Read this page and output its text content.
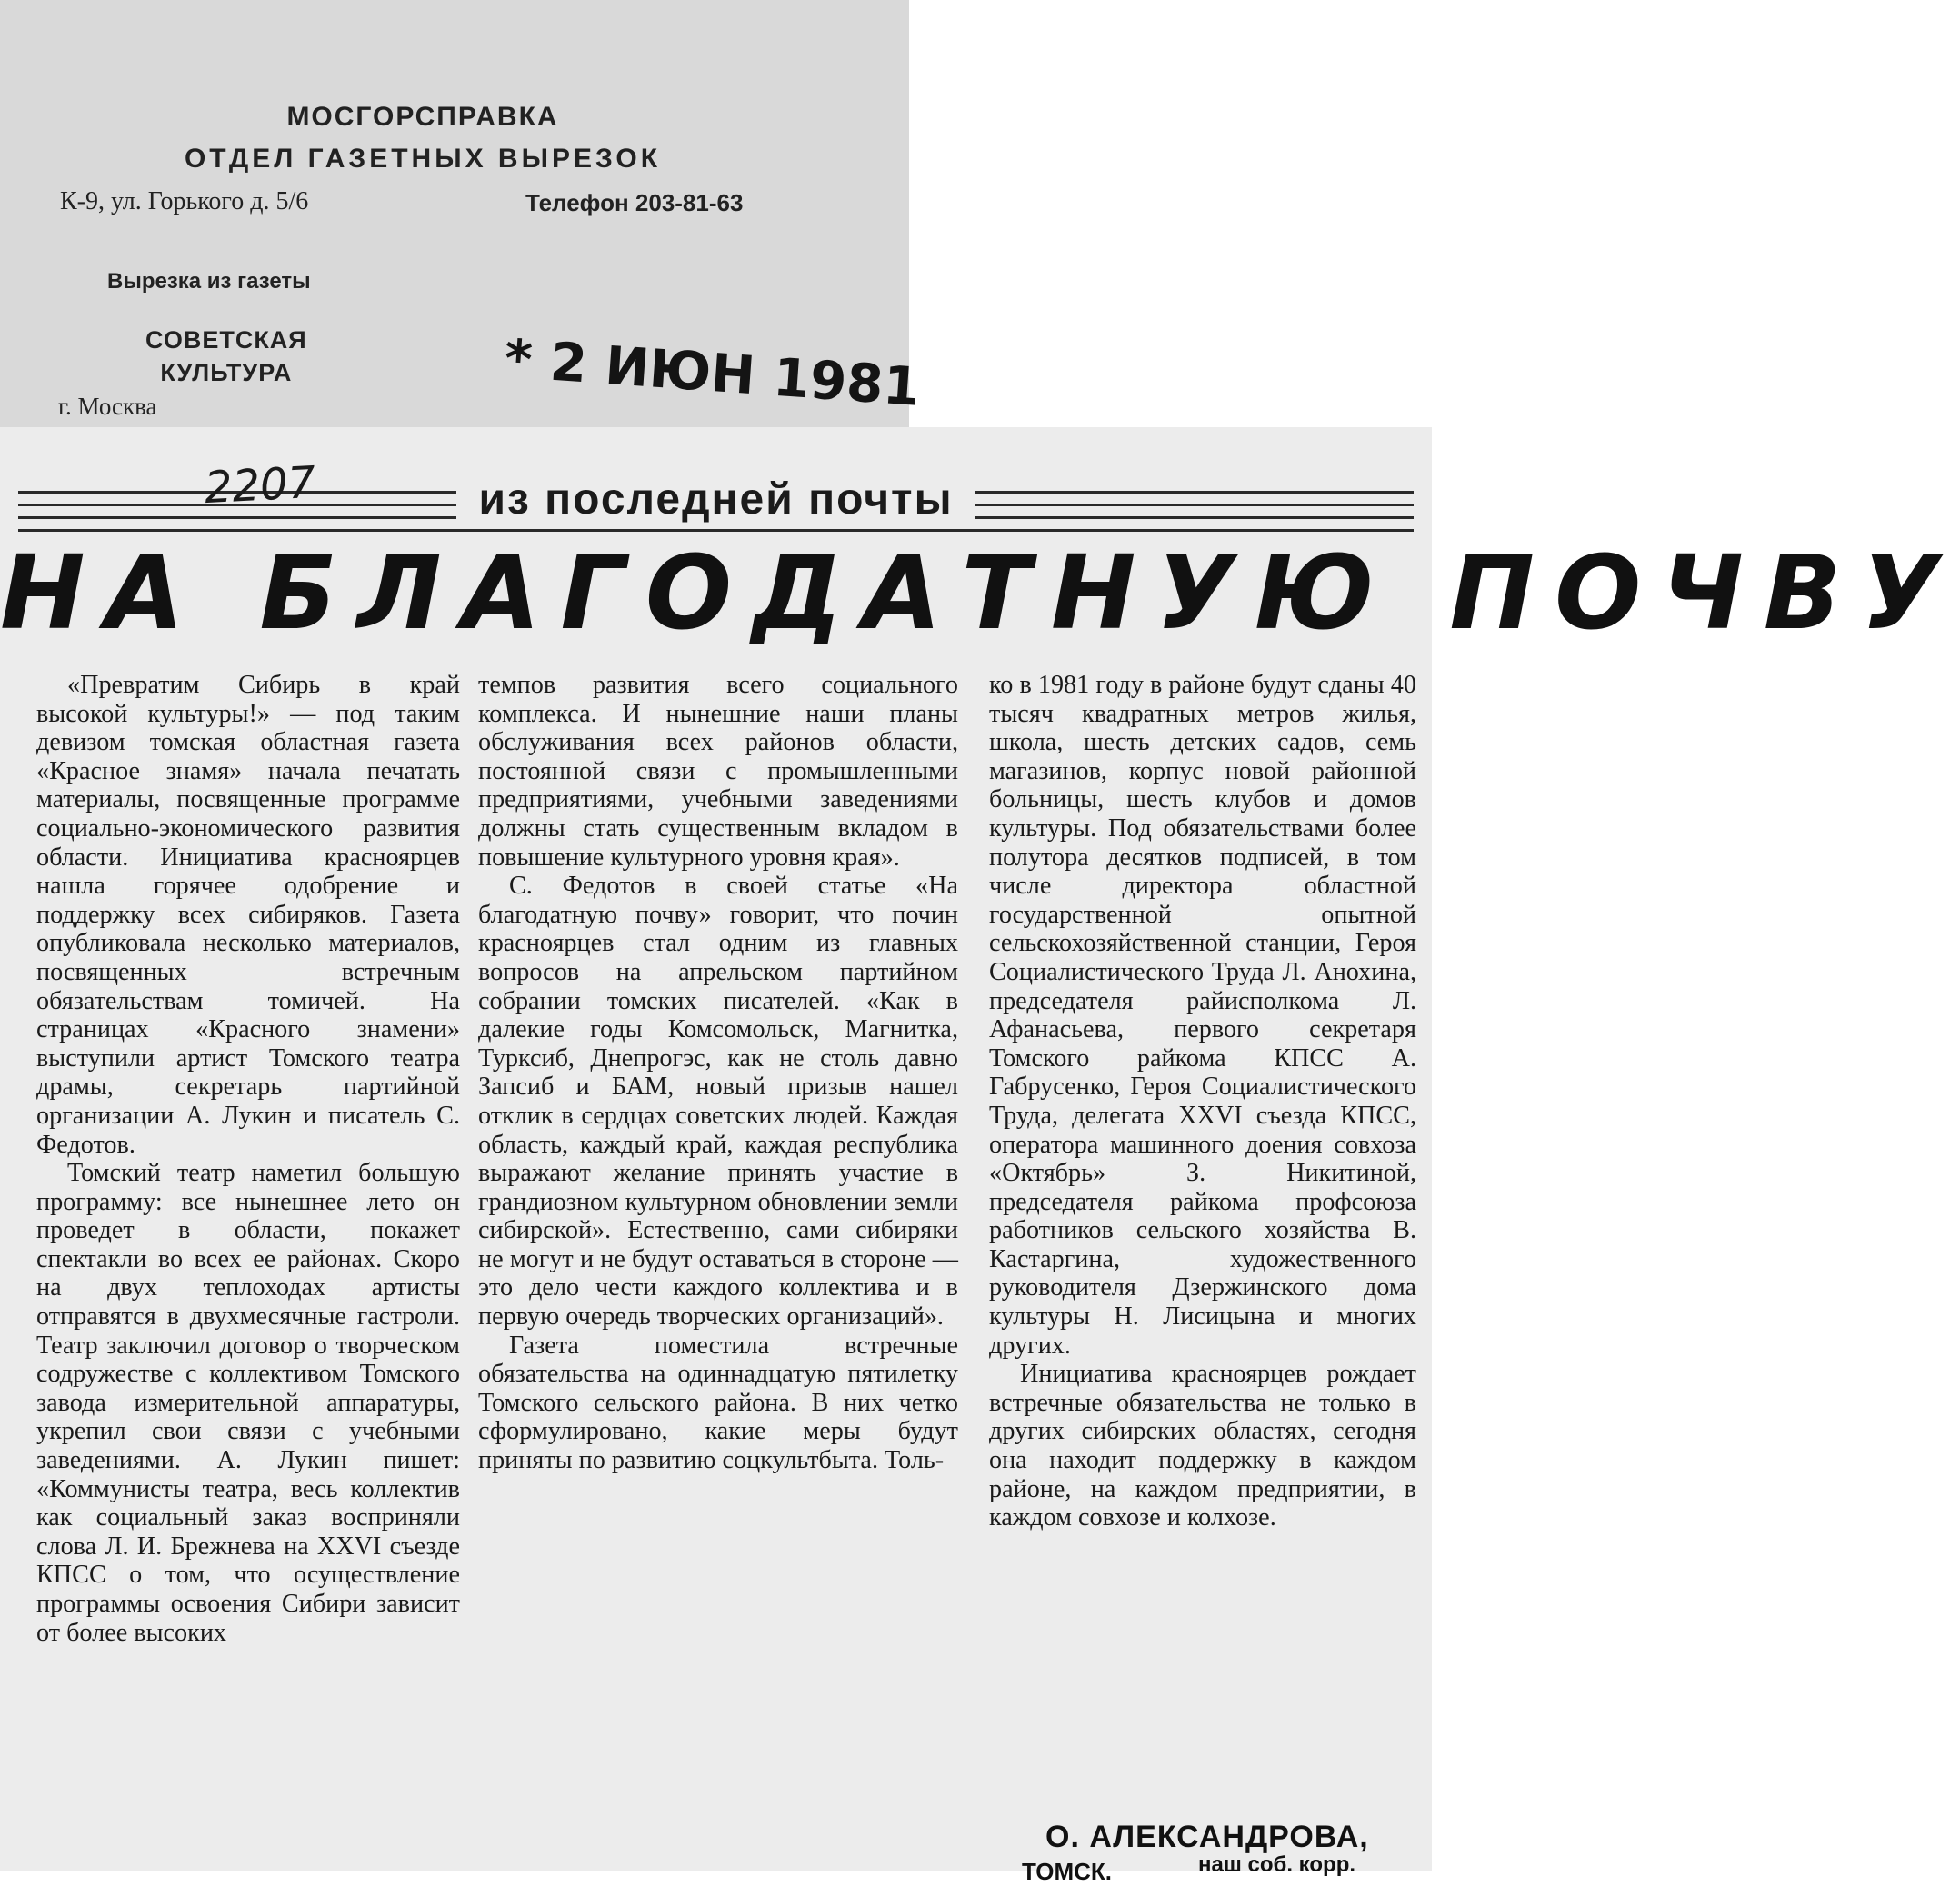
МОСГОРСПРАВКА
ОТДЕЛ ГАЗЕТНЫХ ВЫРЕЗОК
К-9, ул. Горького д. 5/6	Телефон 203-81-63
Вырезка из газеты
СОВЕТСКАЯ
КУЛЬТУРА
г. Москва	* 2 ИЮН 1981
из последней почты
2207
НА БЛАГОДАТНУЮ ПОЧВУ

«Превратим Сибирь в край высокой культуры!» — под таким девизом томская областная газета «Красное знамя» начала печатать материалы, посвященные программе социально-экономического развития области. Инициатива красноярцев нашла горячее одобрение и поддержку всех сибиряков. Газета опубликовала несколько материалов, посвященных встречным обязательствам томичей. На страницах «Красного знамени» выступили артист Томского театра драмы, секретарь партийной организации А. Лукин и писатель С. Федотов.

Томский театр наметил большую программу: все нынешнее лето он проведет в области, покажет спектакли во всех ее районах. Скоро на двух теплоходах артисты отправятся в двухмесячные гастроли. Театр заключил договор о творческом содружестве с коллективом Томского завода измерительной аппаратуры, укрепил свои связи с учебными заведениями. А. Лукин пишет: «Коммунисты театра, весь коллектив как социальный заказ восприняли слова Л. И. Брежнева на XXVI съезде КПСС о том, что осуществление программы освоения Сибири зависит от более высоких

темпов развития всего социального комплекса. И нынешние наши планы обслуживания всех районов области, постоянной связи с промышленными предприятиями, учебными заведениями должны стать существенным вкладом в повышение культурного уровня края».

С. Федотов в своей статье «На благодатную почву» говорит, что почин красноярцев стал одним из главных вопросов на апрельском партийном собрании томских писателей. «Как в далекие годы Комсомольск, Магнитка, Турксиб, Днепрогэс, как не столь давно Запсиб и БАМ, новый призыв нашел отклик в сердцах советских людей. Каждая область, каждый край, каждая республика выражают желание принять участие в грандиозном культурном обновлении земли сибирской». Естественно, сами сибиряки не могут и не будут оставаться в стороне — это дело чести каждого коллектива и в первую очередь творческих организаций».

Газета поместила встречные обязательства на одиннадцатую пятилетку Томского сельского района. В них четко сформулировано, какие меры будут приняты по развитию соцкультбыта. Толь-

ко в 1981 году в районе будут сданы 40 тысяч квадратных метров жилья, школа, шесть детских садов, семь магазинов, корпус новой районной больницы, шесть клубов и домов культуры. Под обязательствами более полутора десятков подписей, в том числе директора областной государственной опытной сельскохозяйственной станции, Героя Социалистического Труда Л. Анохина, председателя райисполкома Л. Афанасьева, первого секретаря Томского райкома КПСС А. Габрусенко, Героя Социалистического Труда, делегата XXVI съезда КПСС, оператора машинного доения совхоза «Октябрь» З. Никитиной, председателя райкома профсоюза работников сельского хозяйства В. Кастаргина, художественного руководителя Дзержинского дома культуры Н. Лисицына и многих других.

Инициатива красноярцев рождает встречные обязательства не только в других сибирских областях, сегодня она находит поддержку в каждом районе, на каждом предприятии, в каждом совхозе и колхозе.

О. АЛЕКСАНДРОВА,
наш соб. корр.
ТОМСК.
